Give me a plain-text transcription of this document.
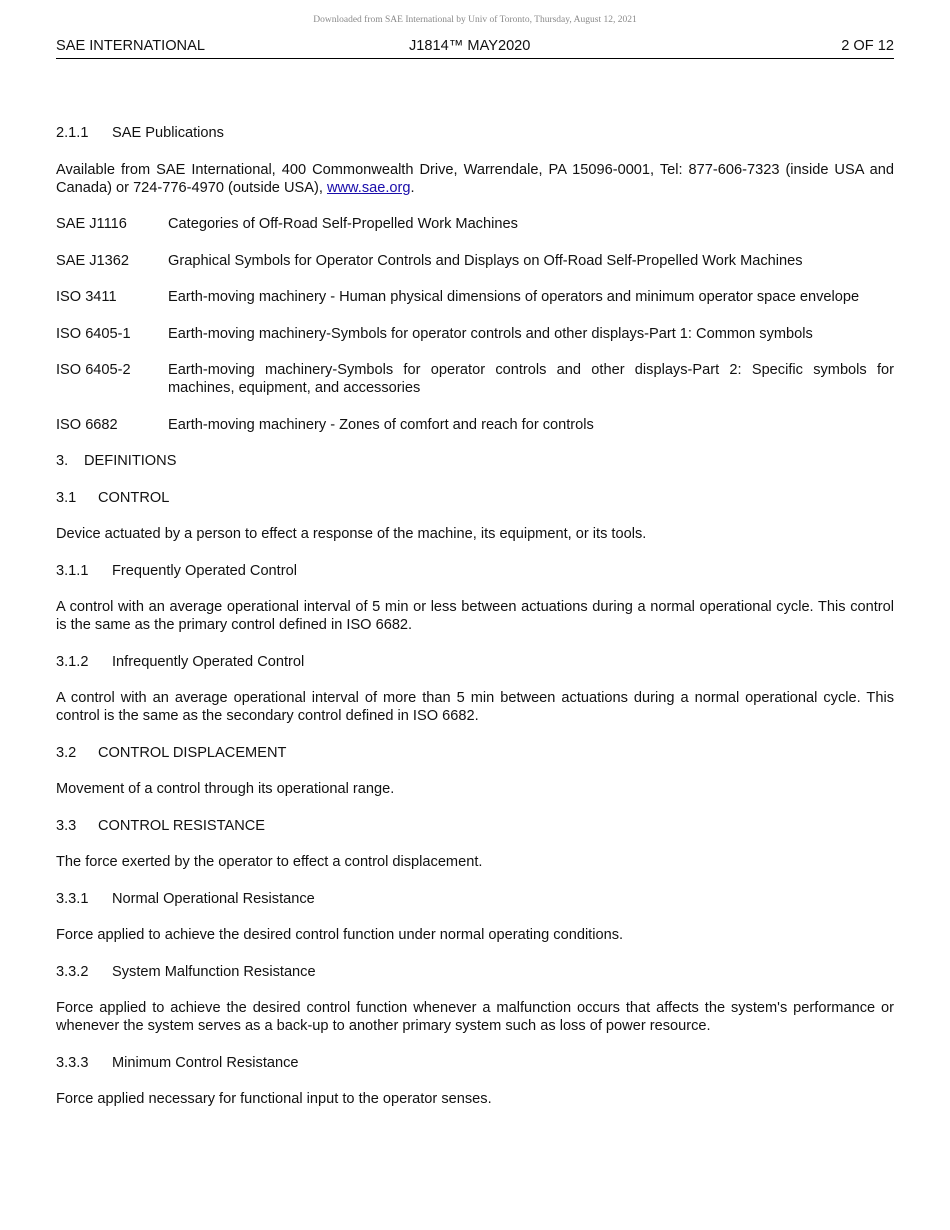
Downloaded from SAE International by Univ of Toronto, Thursday, August 12, 2021
SAE INTERNATIONAL	J1814™ MAY2020	2 OF 12
2.1.1 SAE Publications
Available from SAE International, 400 Commonwealth Drive, Warrendale, PA 15096-0001, Tel: 877-606-7323 (inside USA and Canada) or 724-776-4970 (outside USA), www.sae.org.
SAE J1116	Categories of Off-Road Self-Propelled Work Machines
SAE J1362	Graphical Symbols for Operator Controls and Displays on Off-Road Self-Propelled Work Machines
ISO 3411	Earth-moving machinery - Human physical dimensions of operators and minimum operator space envelope
ISO 6405-1	Earth-moving machinery-Symbols for operator controls and other displays-Part 1: Common symbols
ISO 6405-2	Earth-moving machinery-Symbols for operator controls and other displays-Part 2: Specific symbols for machines, equipment, and accessories
ISO 6682	Earth-moving machinery - Zones of comfort and reach for controls
3. DEFINITIONS
3.1 CONTROL
Device actuated by a person to effect a response of the machine, its equipment, or its tools.
3.1.1 Frequently Operated Control
A control with an average operational interval of 5 min or less between actuations during a normal operational cycle. This control is the same as the primary control defined in ISO 6682.
3.1.2 Infrequently Operated Control
A control with an average operational interval of more than 5 min between actuations during a normal operational cycle. This control is the same as the secondary control defined in ISO 6682.
3.2 CONTROL DISPLACEMENT
Movement of a control through its operational range.
3.3 CONTROL RESISTANCE
The force exerted by the operator to effect a control displacement.
3.3.1 Normal Operational Resistance
Force applied to achieve the desired control function under normal operating conditions.
3.3.2 System Malfunction Resistance
Force applied to achieve the desired control function whenever a malfunction occurs that affects the system's performance or whenever the system serves as a back-up to another primary system such as loss of power resource.
3.3.3 Minimum Control Resistance
Force applied necessary for functional input to the operator senses.
